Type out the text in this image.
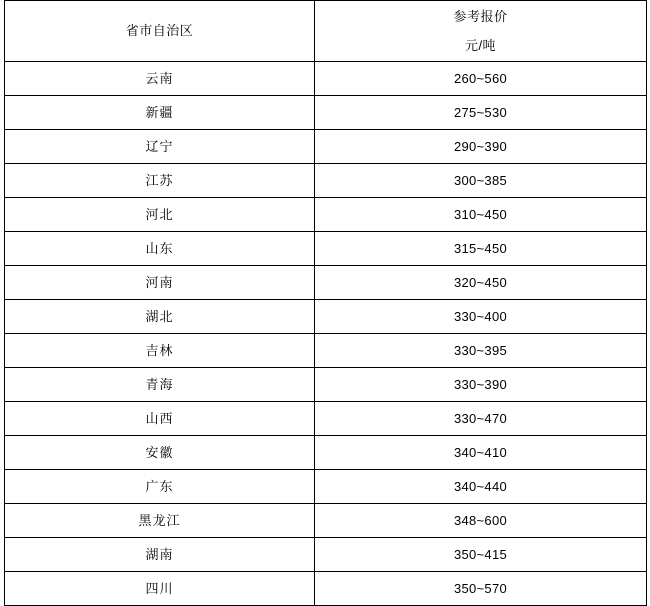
省市自治区	参考报价
元/吨

云南	260~560
新疆	275~530
辽宁	290~390
江苏	300~385
河北	310~450
山东	315~450
河南	320~450
湖北	330~400
吉林	330~395
青海	330~390
山西	330~470
安徽	340~410
广东	340~440
黑龙江	348~600
湖南	350~415
四川	350~570
